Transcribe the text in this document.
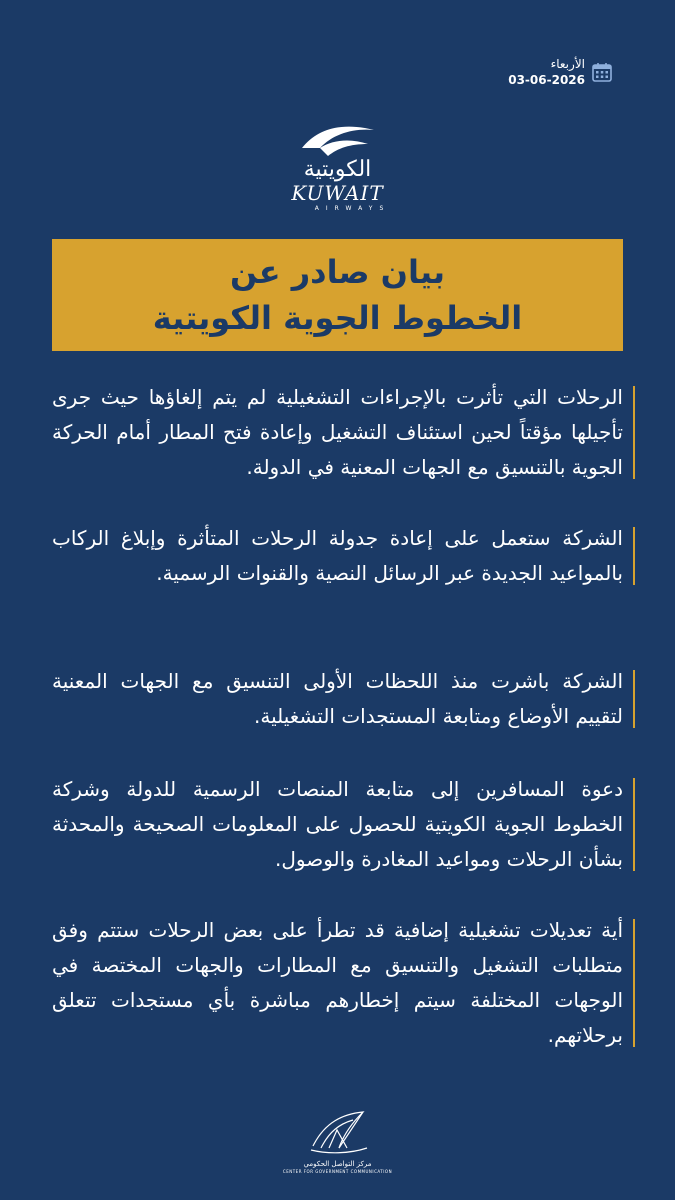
الأربعاء
03-06-2026
الكويتية
KUWAIT
AIRWAYS
بيان صادر عن
الخطوط الجوية الكويتية
الرحلات التي تأثرت بالإجراءات التشغيلية لم يتم إلغاؤها حيث جرى تأجيلها مؤقتاً لحين استئناف التشغيل وإعادة فتح المطار أمام الحركة الجوية بالتنسيق مع الجهات المعنية في الدولة.
الشركة ستعمل على إعادة جدولة الرحلات المتأثرة وإبلاغ الركاب بالمواعيد الجديدة عبر الرسائل النصية والقنوات الرسمية.
الشركة باشرت منذ اللحظات الأولى التنسيق مع الجهات المعنية لتقييم الأوضاع ومتابعة المستجدات التشغيلية.
دعوة المسافرين إلى متابعة المنصات الرسمية للدولة وشركة الخطوط الجوية الكويتية للحصول على المعلومات الصحيحة والمحدثة بشأن الرحلات ومواعيد المغادرة والوصول.
أية تعديلات تشغيلية إضافية قد تطرأ على بعض الرحلات ستتم وفق متطلبات التشغيل والتنسيق مع المطارات والجهات المختصة في الوجهات المختلفة سيتم إخطارهم مباشرة بأي مستجدات تتعلق برحلاتهم.
مركز التواصل الحكومي
CENTER FOR GOVERNMENT COMMUNICATION
